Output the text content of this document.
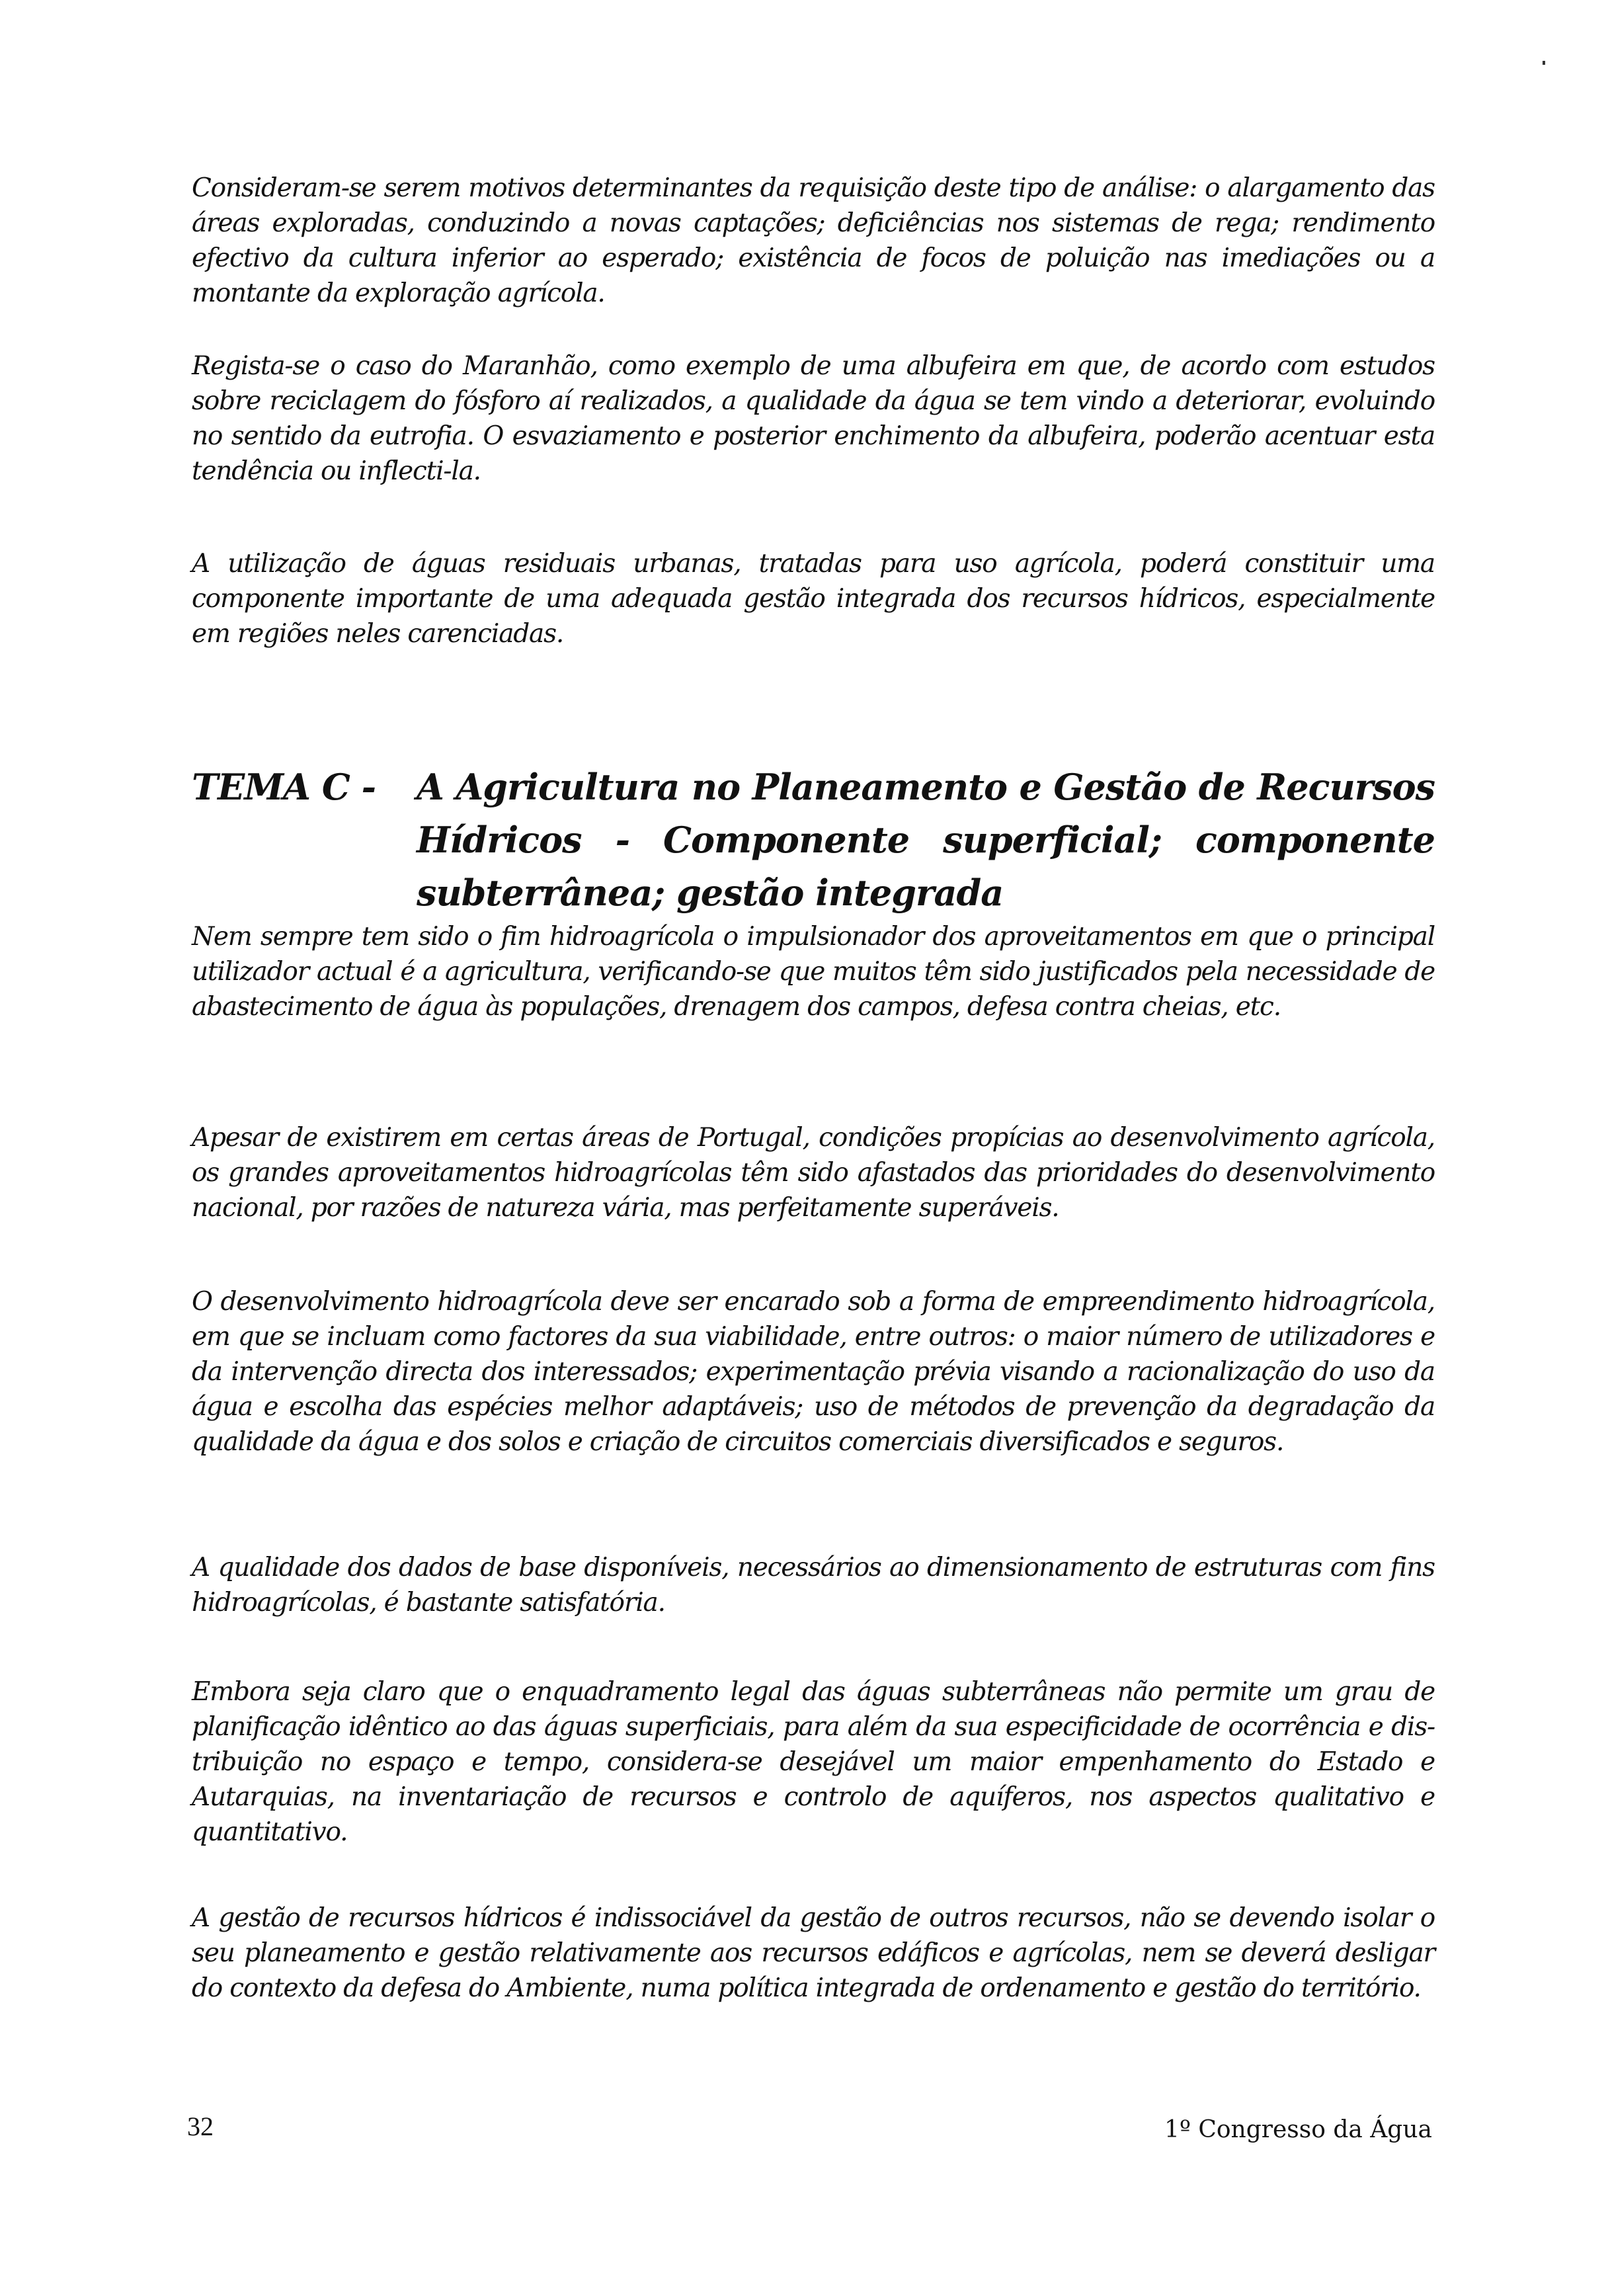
Consideram-se serem motivos determinantes da requisição deste tipo de análise: o alargamento das áreas exploradas, conduzindo a novas captações; deficiências nos sistemas de rega; rendimento efectivo da cultura inferior ao esperado; existência de focos de poluição nas imediações ou a montante da exploração agrícola.

Regista-se o caso do Maranhão, como exemplo de uma albufeira em que, de acordo com estudos sobre reciclagem do fósforo aí realizados, a qualidade da água se tem vindo a deteriorar, evoluindo no sentido da eutrofia. O esvaziamento e posterior enchimento da albufeira, poderão acentuar esta tendência ou inflecti-la.

A utilização de águas residuais urbanas, tratadas para uso agrícola, poderá constituir uma componente importante de uma adequada gestão integrada dos recursos hídricos, especialmente em regiões neles carenciadas.

TEMA C -	A Agricultura no Planeamento e Gestão de Recursos Hídricos - Componente superficial; componente subterrânea; gestão integrada

Nem sempre tem sido o fim hidroagrícola o impulsionador dos aproveitamentos em que o principal utilizador actual é a agricultura, verificando-se que muitos têm sido justificados pela necessidade de abastecimento de água às populações, drenagem dos campos, defesa contra cheias, etc.

Apesar de existirem em certas áreas de Portugal, condições propícias ao desenvolvimento agrícola, os grandes aproveitamentos hidroagrícolas têm sido afastados das prioridades do desenvolvimento nacional, por razões de natureza vária, mas perfeitamente superáveis.

O desenvolvimento hidroagrícola deve ser encarado sob a forma de empreendimento hidroagrícola, em que se incluam como factores da sua viabilidade, entre outros: o maior número de utilizadores e da intervenção directa dos interessados; experimentação prévia visando a racionalização do uso da água e escolha das espécies melhor adaptáveis; uso de métodos de prevenção da degradação da qualidade da água e dos solos e criação de circuitos comerciais diversificados e seguros.

A qualidade dos dados de base disponíveis, necessários ao dimensionamento de estruturas com fins hidroagrícolas, é bastante satisfatória.

Embora seja claro que o enquadramento legal das águas subterrâneas não permite um grau de planificação idêntico ao das águas superficiais, para além da sua especificidade de ocorrência e dis-tribuição no espaço e tempo, considera-se desejável um maior empenhamento do Estado e Autarquias, na inventariação de recursos e controlo de aquíferos, nos aspectos qualitativo e quantitativo.

A gestão de recursos hídricos é indissociável da gestão de outros recursos, não se devendo isolar o seu planeamento e gestão relativamente aos recursos edáficos e agrícolas, nem se deverá desligar do contexto da defesa do Ambiente, numa política integrada de ordenamento e gestão do território.

32	1º Congresso da Água
